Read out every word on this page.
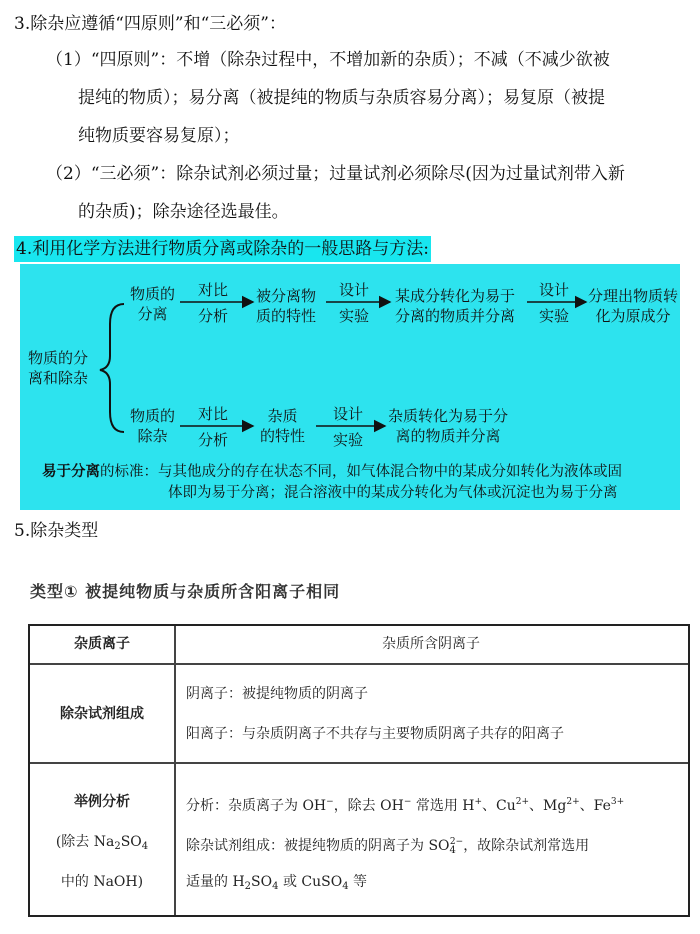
3.除杂应遵循“四原则”和“三必须”：
（1）“四原则”：不增（除杂过程中，不增加新的杂质）；不减（不减少欲被
提纯的物质）；易分离（被提纯的物质与杂质容易分离）；易复原（被提
纯物质要容易复原）；
（2）“三必须”：除杂试剂必须过量；过量试剂必须除尽(因为过量试剂带入新
的杂质)；除杂途径选最佳。
4.利用化学方法进行物质分离或除杂的一般思路与方法:
物质的分
离和除杂
物质的
分离
对比
分析
被分离物
质的特性
设计
实验
某成分转化为易于
分离的物质并分离
设计
实验
分理出物质转
化为原成分
物质的
除杂
对比
分析
杂质
的特性
设计
实验
杂质转化为易于分
离的物质并分离
易于分离的标准：与其他成分的存在状态不同，如气体混合物中的某成分如转化为液体或固
体即为易于分离；混合溶液中的某成分转化为气体或沉淀也为易于分离
5.除杂类型
类型① 被提纯物质与杂质所含阳离子相同
杂质离子	杂质所含阴离子
除杂试剂组成
阴离子：被提纯物质的阴离子
阳离子：与杂质阴离子不共存与主要物质阴离子共存的阳离子
举例分析
(除去 $Na_2SO_4$
中的 NaOH)
分析：杂质离子为 OH−，除去 OH− 常选用 H+、$Cu^{2+}$、$Mg^{2+}$、$Fe^{3+}$
除杂试剂组成：被提纯物质的阴离子为 $SO_4^{2-}$，故除杂试剂常选用
适量的 $H_2SO_4$ 或 CuSO$_4$ 等
